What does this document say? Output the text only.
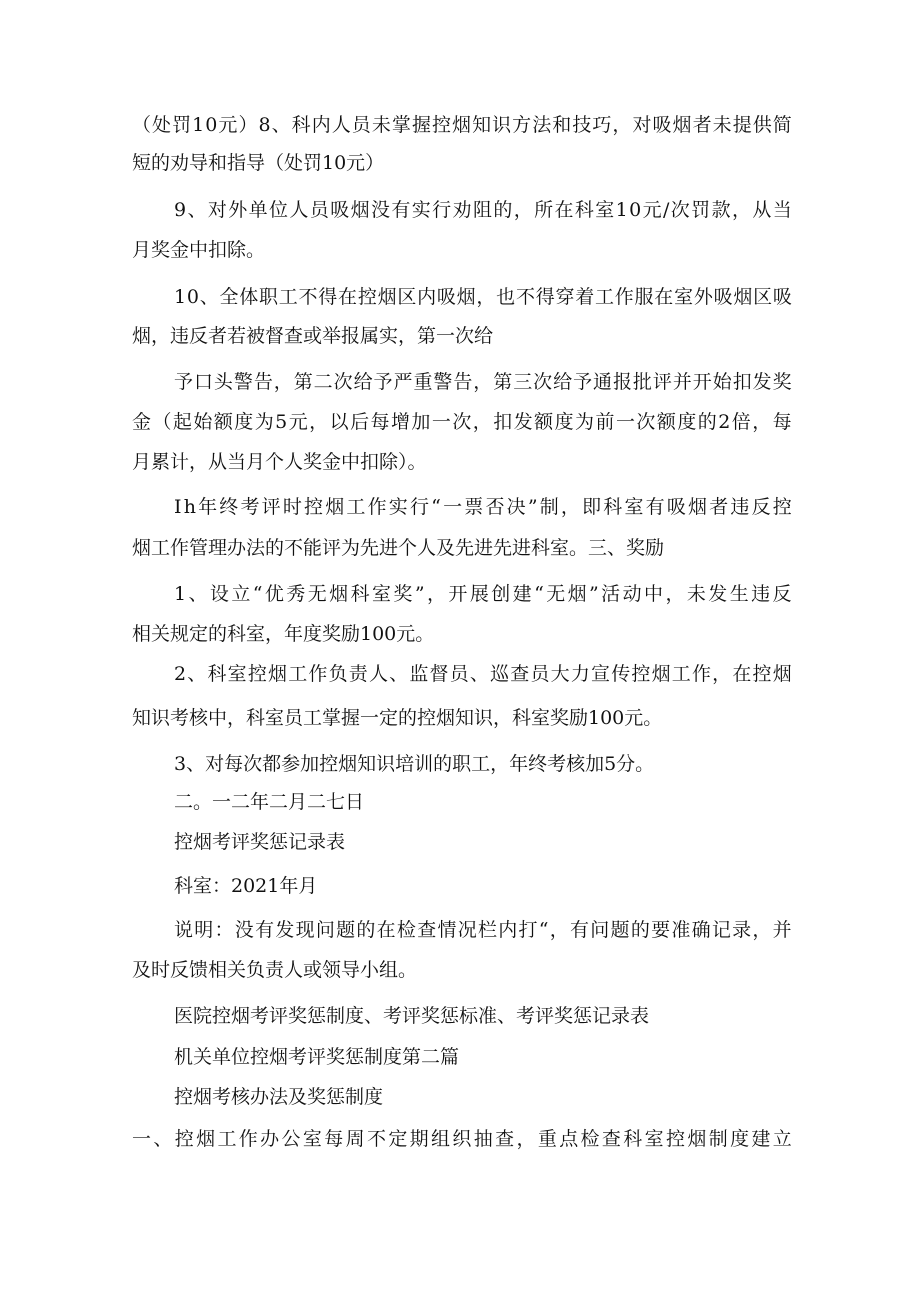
（ 处 罚 1 0 元 ） 8 、 科 内 人 员 未 掌 握 控 烟 知 识 方 法 和 技 巧 ， 对 吸 烟 者 未 提 供 简
短的劝导和指导（处罚10元）
9 、 对 外 单 位 人 员 吸 烟 没 有 实 行 劝 阻 的 ， 所 在 科 室 1 0 元 / 次 罚 款 ， 从 当
月奖金中扣除。
1 0 、 全 体 职 工 不 得 在 控 烟 区 内 吸 烟 ， 也 不 得 穿 着 工 作 服 在 室 外 吸 烟 区 吸
烟，违反者若被督查或举报属实，第一次给
予 口 头 警 告 ， 第 二 次 给 予 严 重 警 告 ， 第 三 次 给 予 通 报 批 评 并 开 始 扣 发 奖
金 （ 起 始 额 度 为 5 元 ， 以 后 每 增 加 一 次 ， 扣 发 额 度 为 前 一 次 额 度 的 2 倍 ， 每
月累计，从当月个人奖金中扣除）。
I h 年 终 考 评 时 控 烟 工 作 实 行 “ 一 票 否 决 ” 制 ， 即 科 室 有 吸 烟 者 违 反 控
烟工作管理办法的不能评为先进个人及先进先进科室。三、奖励
1 、 设 立 “ 优 秀 无 烟 科 室 奖 ” ， 开 展 创 建 “ 无 烟 ” 活 动 中 ， 未 发 生 违 反
相关规定的科室，年度奖励100元。
2 、 科 室 控 烟 工 作 负 责 人 、 监 督 员 、 巡 查 员 大 力 宣 传 控 烟 工 作 ， 在 控 烟
知识考核中，科室员工掌握一定的控烟知识，科室奖励100元。
3、对每次都参加控烟知识培训的职工，年终考核加5分。
二。一二年二月二七日
控烟考评奖惩记录表
科室：2021年月
说 明 ： 没 有 发 现 问 题 的 在 检 查 情 况 栏 内 打 “ ， 有 问 题 的 要 准 确 记 录 ， 并
及时反馈相关负责人或领导小组。
医院控烟考评奖惩制度、考评奖惩标准、考评奖惩记录表
机关单位控烟考评奖惩制度第二篇
控烟考核办法及奖惩制度
一 、 控 烟 工 作 办 公 室 每 周 不 定 期 组 织 抽 查 ， 重 点 检 查 科 室 控 烟 制 度 建 立
